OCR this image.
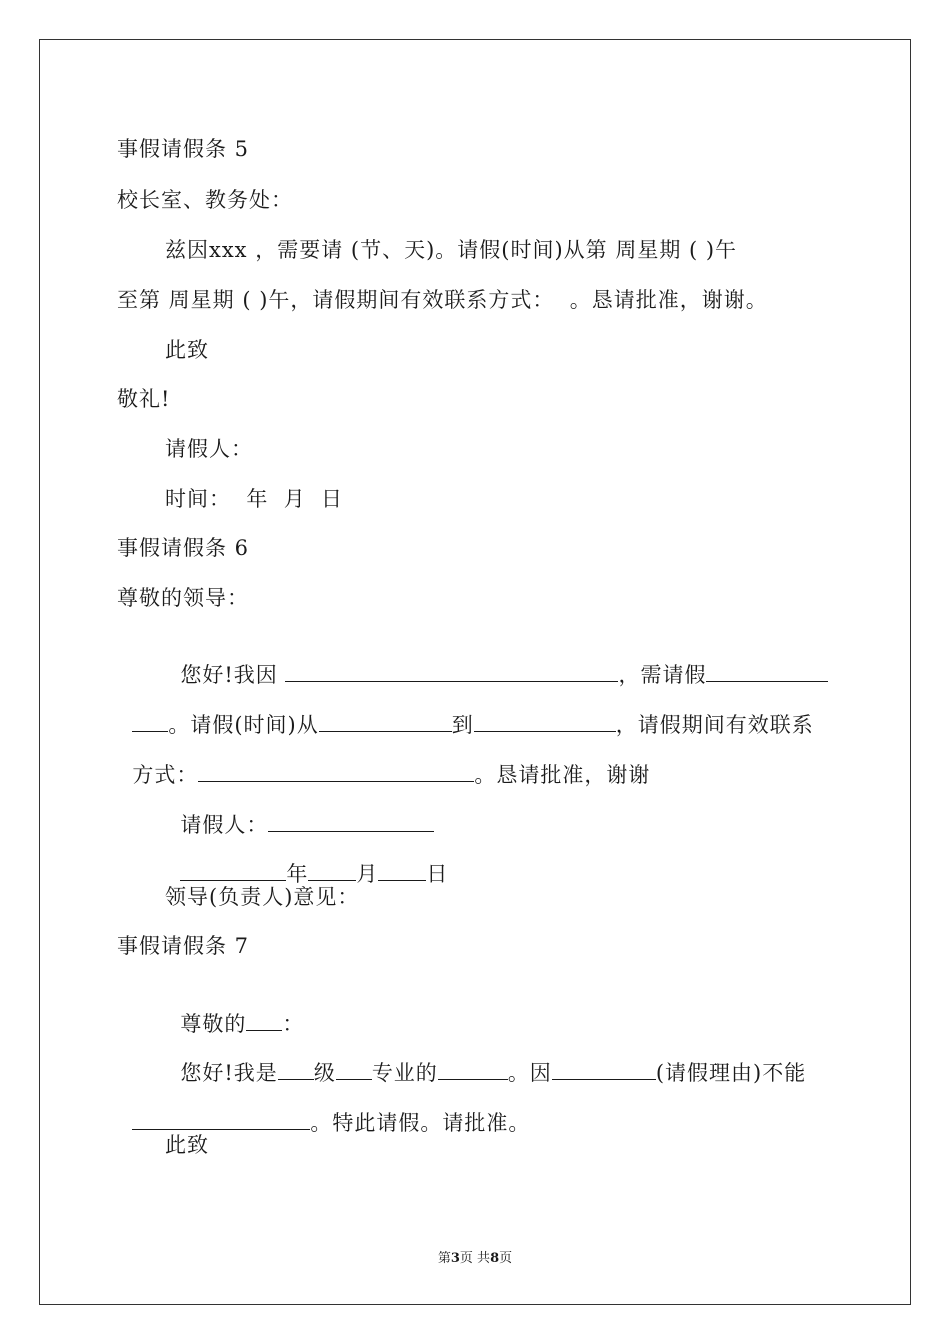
事假请假条 5
校长室、教务处：
兹因xxx ，需要请 (节、天)。请假(时间)从第 周星期 ( )午
至第 周星期 ( )午，请假期间有效联系方式：  。恳请批准，谢谢。
此致
敬礼!
请假人：
时间：  年  月  日
事假请假条 6
尊敬的领导：

您好!我因	，需请假

。请假(时间)从	到	，请假期间有效联系

方式：	。恳请批准，谢谢

请假人：

年 月 日

领导(负责人)意见：
事假请假条 7

尊敬的 ：

您好!我是 级 专业的	。因	(请假理由)不能

。特此请假。请批准。

此致
第3页 共8页
